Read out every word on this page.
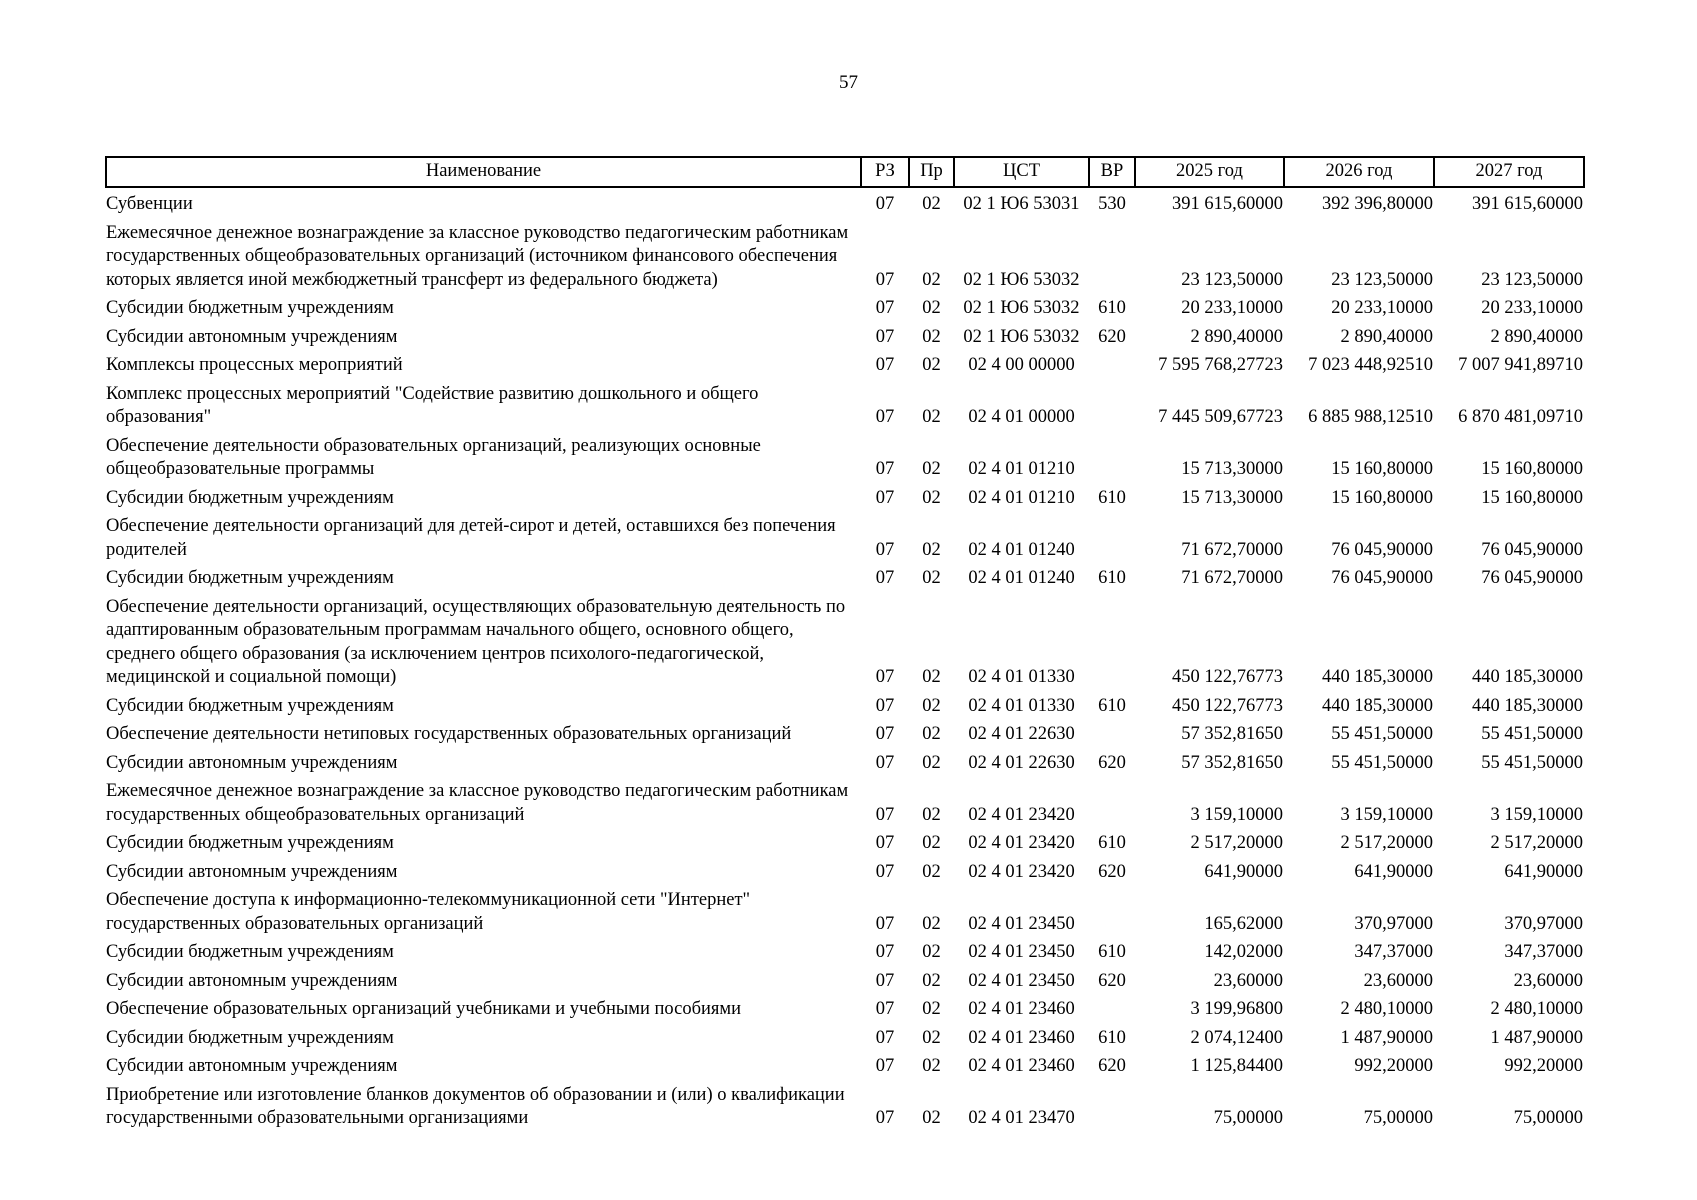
57
Наименование	РЗ	Пр	ЦСТ	ВР	2025 год	2026 год	2027 год
Субвенции	07	02	02 1 Ю6 53031	530	391 615,60000	392 396,80000	391 615,60000
Ежемесячное денежное вознаграждение за классное руководство педагогическим работникам государственных общеобразовательных организаций (источником финансового обеспечения которых является иной межбюджетный трансферт из федерального бюджета)	07	02	02 1 Ю6 53032		23 123,50000	23 123,50000	23 123,50000
Субсидии бюджетным учреждениям	07	02	02 1 Ю6 53032	610	20 233,10000	20 233,10000	20 233,10000
Субсидии автономным учреждениям	07	02	02 1 Ю6 53032	620	2 890,40000	2 890,40000	2 890,40000
Комплексы процессных мероприятий	07	02	02 4 00 00000		7 595 768,27723	7 023 448,92510	7 007 941,89710
Комплекс процессных мероприятий "Содействие развитию дошкольного и общего образования"	07	02	02 4 01 00000		7 445 509,67723	6 885 988,12510	6 870 481,09710
Обеспечение деятельности образовательных организаций, реализующих основные общеобразовательные программы	07	02	02 4 01 01210		15 713,30000	15 160,80000	15 160,80000
Субсидии бюджетным учреждениям	07	02	02 4 01 01210	610	15 713,30000	15 160,80000	15 160,80000
Обеспечение деятельности организаций для детей-сирот и детей, оставшихся без попечения родителей	07	02	02 4 01 01240		71 672,70000	76 045,90000	76 045,90000
Субсидии бюджетным учреждениям	07	02	02 4 01 01240	610	71 672,70000	76 045,90000	76 045,90000
Обеспечение деятельности организаций, осуществляющих образовательную деятельность по адаптированным образовательным программам начального общего, основного общего, среднего общего образования (за исключением центров психолого-педагогической, медицинской и социальной помощи)	07	02	02 4 01 01330		450 122,76773	440 185,30000	440 185,30000
Субсидии бюджетным учреждениям	07	02	02 4 01 01330	610	450 122,76773	440 185,30000	440 185,30000
Обеспечение деятельности нетиповых государственных образовательных организаций	07	02	02 4 01 22630		57 352,81650	55 451,50000	55 451,50000
Субсидии автономным учреждениям	07	02	02 4 01 22630	620	57 352,81650	55 451,50000	55 451,50000
Ежемесячное денежное вознаграждение за классное руководство педагогическим работникам государственных общеобразовательных организаций	07	02	02 4 01 23420		3 159,10000	3 159,10000	3 159,10000
Субсидии бюджетным учреждениям	07	02	02 4 01 23420	610	2 517,20000	2 517,20000	2 517,20000
Субсидии автономным учреждениям	07	02	02 4 01 23420	620	641,90000	641,90000	641,90000
Обеспечение доступа к информационно-телекоммуникационной сети "Интернет" государственных образовательных организаций	07	02	02 4 01 23450		165,62000	370,97000	370,97000
Субсидии бюджетным учреждениям	07	02	02 4 01 23450	610	142,02000	347,37000	347,37000
Субсидии автономным учреждениям	07	02	02 4 01 23450	620	23,60000	23,60000	23,60000
Обеспечение образовательных организаций учебниками и учебными пособиями	07	02	02 4 01 23460		3 199,96800	2 480,10000	2 480,10000
Субсидии бюджетным учреждениям	07	02	02 4 01 23460	610	2 074,12400	1 487,90000	1 487,90000
Субсидии автономным учреждениям	07	02	02 4 01 23460	620	1 125,84400	992,20000	992,20000
Приобретение или изготовление бланков документов об образовании и (или) о квалификации государственными образовательными организациями	07	02	02 4 01 23470		75,00000	75,00000	75,00000
